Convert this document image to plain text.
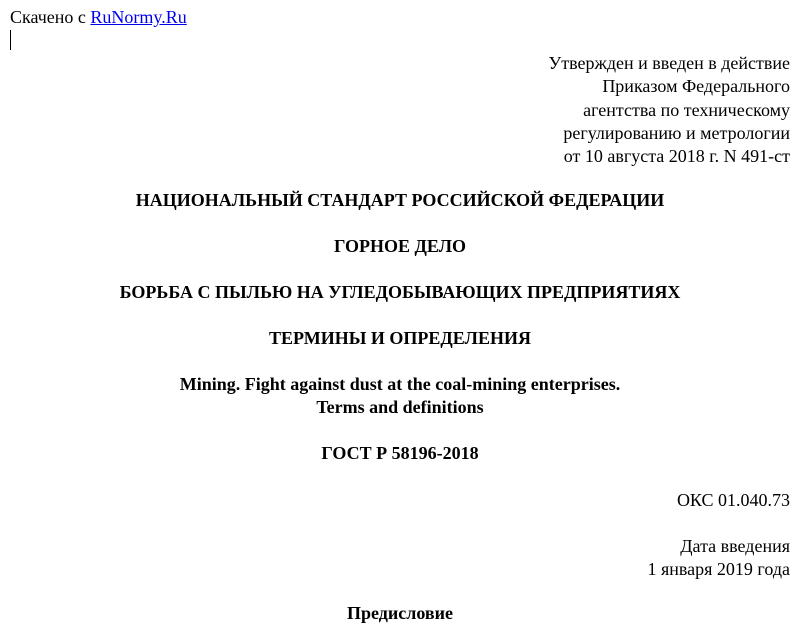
Скачено с RuNormy.Ru
Утвержден и введен в действие
Приказом Федерального
агентства по техническому
регулированию и метрологии
от 10 августа 2018 г. N 491-ст
НАЦИОНАЛЬНЫЙ СТАНДАРТ РОССИЙСКОЙ ФЕДЕРАЦИИ
ГОРНОЕ ДЕЛО
БОРЬБА С ПЫЛЬЮ НА УГЛЕДОБЫВАЮЩИХ ПРЕДПРИЯТИЯХ
ТЕРМИНЫ И ОПРЕДЕЛЕНИЯ
Mining. Fight against dust at the coal-mining enterprises.
Terms and definitions
ГОСТ Р 58196-2018
ОКС 01.040.73
Дата введения
1 января 2019 года
Предисловие
